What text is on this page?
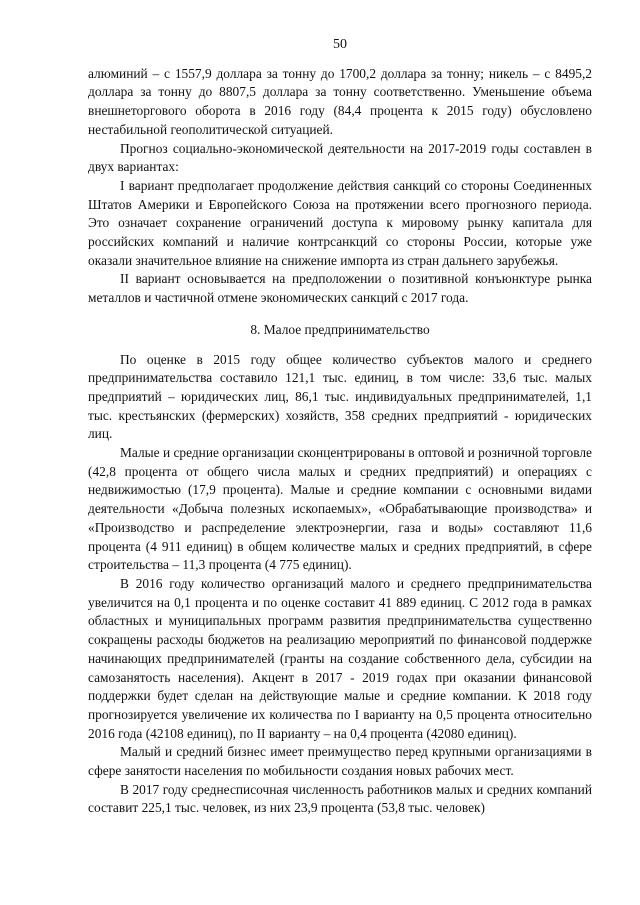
50

алюминий – с 1557,9 доллара за тонну до 1700,2 доллара за тонну; никель – с 8495,2 доллара за тонну до 8807,5 доллара за тонну соответственно. Уменьшение объема внешнеторгового оборота в 2016 году (84,4 процента к 2015 году) обусловлено нестабильной геополитической ситуацией.

Прогноз социально-экономической деятельности на 2017-2019 годы составлен в двух вариантах:

I вариант предполагает продолжение действия санкций со стороны Соединенных Штатов Америки и Европейского Союза на протяжении всего прогнозного периода. Это означает сохранение ограничений доступа к мировому рынку капитала для российских компаний и наличие контрсанкций со стороны России, которые уже оказали значительное влияние на снижение импорта из стран дальнего зарубежья.

II вариант основывается на предположении о позитивной конъюнктуре рынка металлов и частичной отмене экономических санкций с 2017 года.

8. Малое предпринимательство

По оценке в 2015 году общее количество субъектов малого и среднего предпринимательства составило 121,1 тыс. единиц, в том числе: 33,6 тыс. малых предприятий – юридических лиц, 86,1 тыс. индивидуальных предпринимателей, 1,1 тыс. крестьянских (фермерских) хозяйств, 358 средних предприятий - юридических лиц.

Малые и средние организации сконцентрированы в оптовой и розничной торговле (42,8 процента от общего числа малых и средних предприятий) и операциях с недвижимостью (17,9 процента). Малые и средние компании с основными видами деятельности «Добыча полезных ископаемых», «Обрабатывающие производства» и «Производство и распределение электроэнергии, газа и воды» составляют 11,6 процента (4 911 единиц) в общем количестве малых и средних предприятий, в сфере строительства – 11,3 процента (4 775 единиц).

В 2016 году количество организаций малого и среднего предпринимательства увеличится на 0,1 процента и по оценке составит 41 889 единиц. С 2012 года в рамках областных и муниципальных программ развития предпринимательства существенно сокращены расходы бюджетов на реализацию мероприятий по финансовой поддержке начинающих предпринимателей (гранты на создание собственного дела, субсидии на самозанятость населения). Акцент в 2017 - 2019 годах при оказании финансовой поддержки будет сделан на действующие малые и средние компании. К 2018 году прогнозируется увеличение их количества по I варианту на 0,5 процента относительно 2016 года (42108 единиц), по II варианту – на 0,4 процента (42080 единиц).

Малый и средний бизнес имеет преимущество перед крупными организациями в сфере занятости населения по мобильности создания новых рабочих мест.

В 2017 году среднесписочная численность работников малых и средних компаний составит 225,1 тыс. человек, из них 23,9 процента (53,8 тыс. человек)
